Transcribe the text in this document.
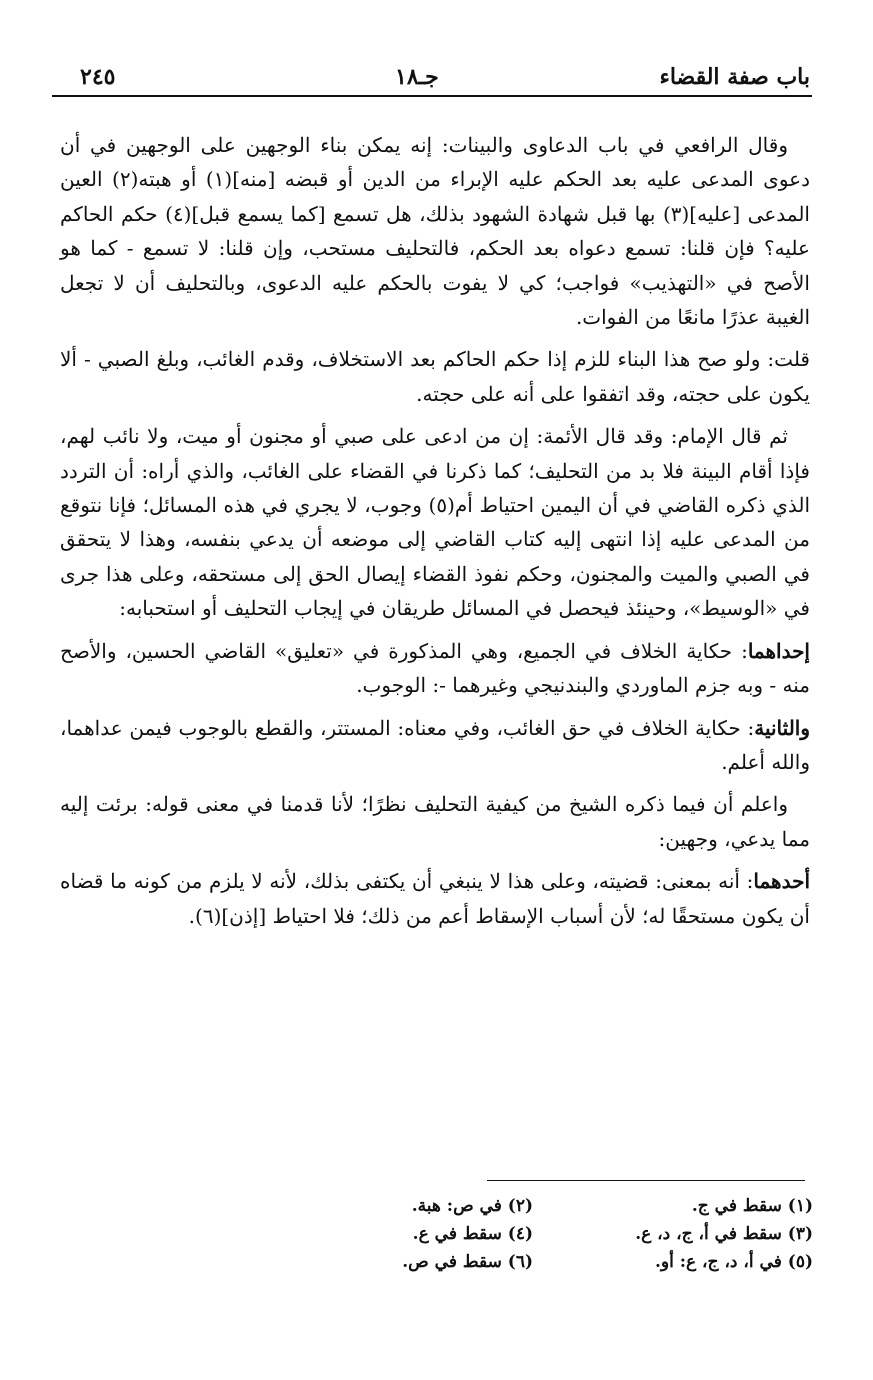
باب صفة القضاء
جـ١٨
٢٤٥

وقال الرافعي في باب الدعاوى والبينات: إنه يمكن بناء الوجهين على الوجهين في أن دعوى المدعى عليه بعد الحكم عليه الإبراء من الدين أو قبضه [منه](١) أو هبته(٢) العين المدعى [عليه](٣) بها قبل شهادة الشهود بذلك، هل تسمع [كما يسمع قبل](٤) حكم الحاكم عليه؟ فإن قلنا: تسمع دعواه بعد الحكم، فالتحليف مستحب، وإن قلنا: لا تسمع - كما هو الأصح في «التهذيب» فواجب؛ كي لا يفوت بالحكم عليه الدعوى، وبالتحليف أن لا تجعل الغيبة عذرًا مانعًا من الفوات.

قلت: ولو صح هذا البناء للزم إذا حكم الحاكم بعد الاستخلاف، وقدم الغائب، وبلغ الصبي - ألا يكون على حجته، وقد اتفقوا على أنه على حجته.

ثم قال الإمام: وقد قال الأئمة: إن من ادعى على صبي أو مجنون أو ميت، ولا نائب لهم، فإذا أقام البينة فلا بد من التحليف؛ كما ذكرنا في القضاء على الغائب، والذي أراه: أن التردد الذي ذكره القاضي في أن اليمين احتياط أم(٥) وجوب، لا يجري في هذه المسائل؛ فإنا نتوقع من المدعى عليه إذا انتهى إليه كتاب القاضي إلى موضعه أن يدعي بنفسه، وهذا لا يتحقق في الصبي والميت والمجنون، وحكم نفوذ القضاء إيصال الحق إلى مستحقه، وعلى هذا جرى في «الوسيط»، وحينئذ فيحصل في المسائل طريقان في إيجاب التحليف أو استحبابه:

إحداهما: حكاية الخلاف في الجميع، وهي المذكورة في «تعليق» القاضي الحسين، والأصح منه - وبه جزم الماوردي والبندنيجي وغيرهما -: الوجوب.

والثانية: حكاية الخلاف في حق الغائب، وفي معناه: المستتر، والقطع بالوجوب فيمن عداهما، والله أعلم.

واعلم أن فيما ذكره الشيخ من كيفية التحليف نظرًا؛ لأنا قدمنا في معنى قوله: برئت إليه مما يدعي، وجهين:

أحدهما: أنه بمعنى: قضيته، وعلى هذا لا ينبغي أن يكتفى بذلك، لأنه لا يلزم من كونه ما قضاه أن يكون مستحقًا له؛ لأن أسباب الإسقاط أعم من ذلك؛ فلا احتياط [إذن](٦).

(١) سقط في ج.
(٢) في ص: هبة.
(٣) سقط في أ، ج، د، ع.
(٤) سقط في ع.
(٥) في أ، د، ج، ع: أو.
(٦) سقط في ص.
